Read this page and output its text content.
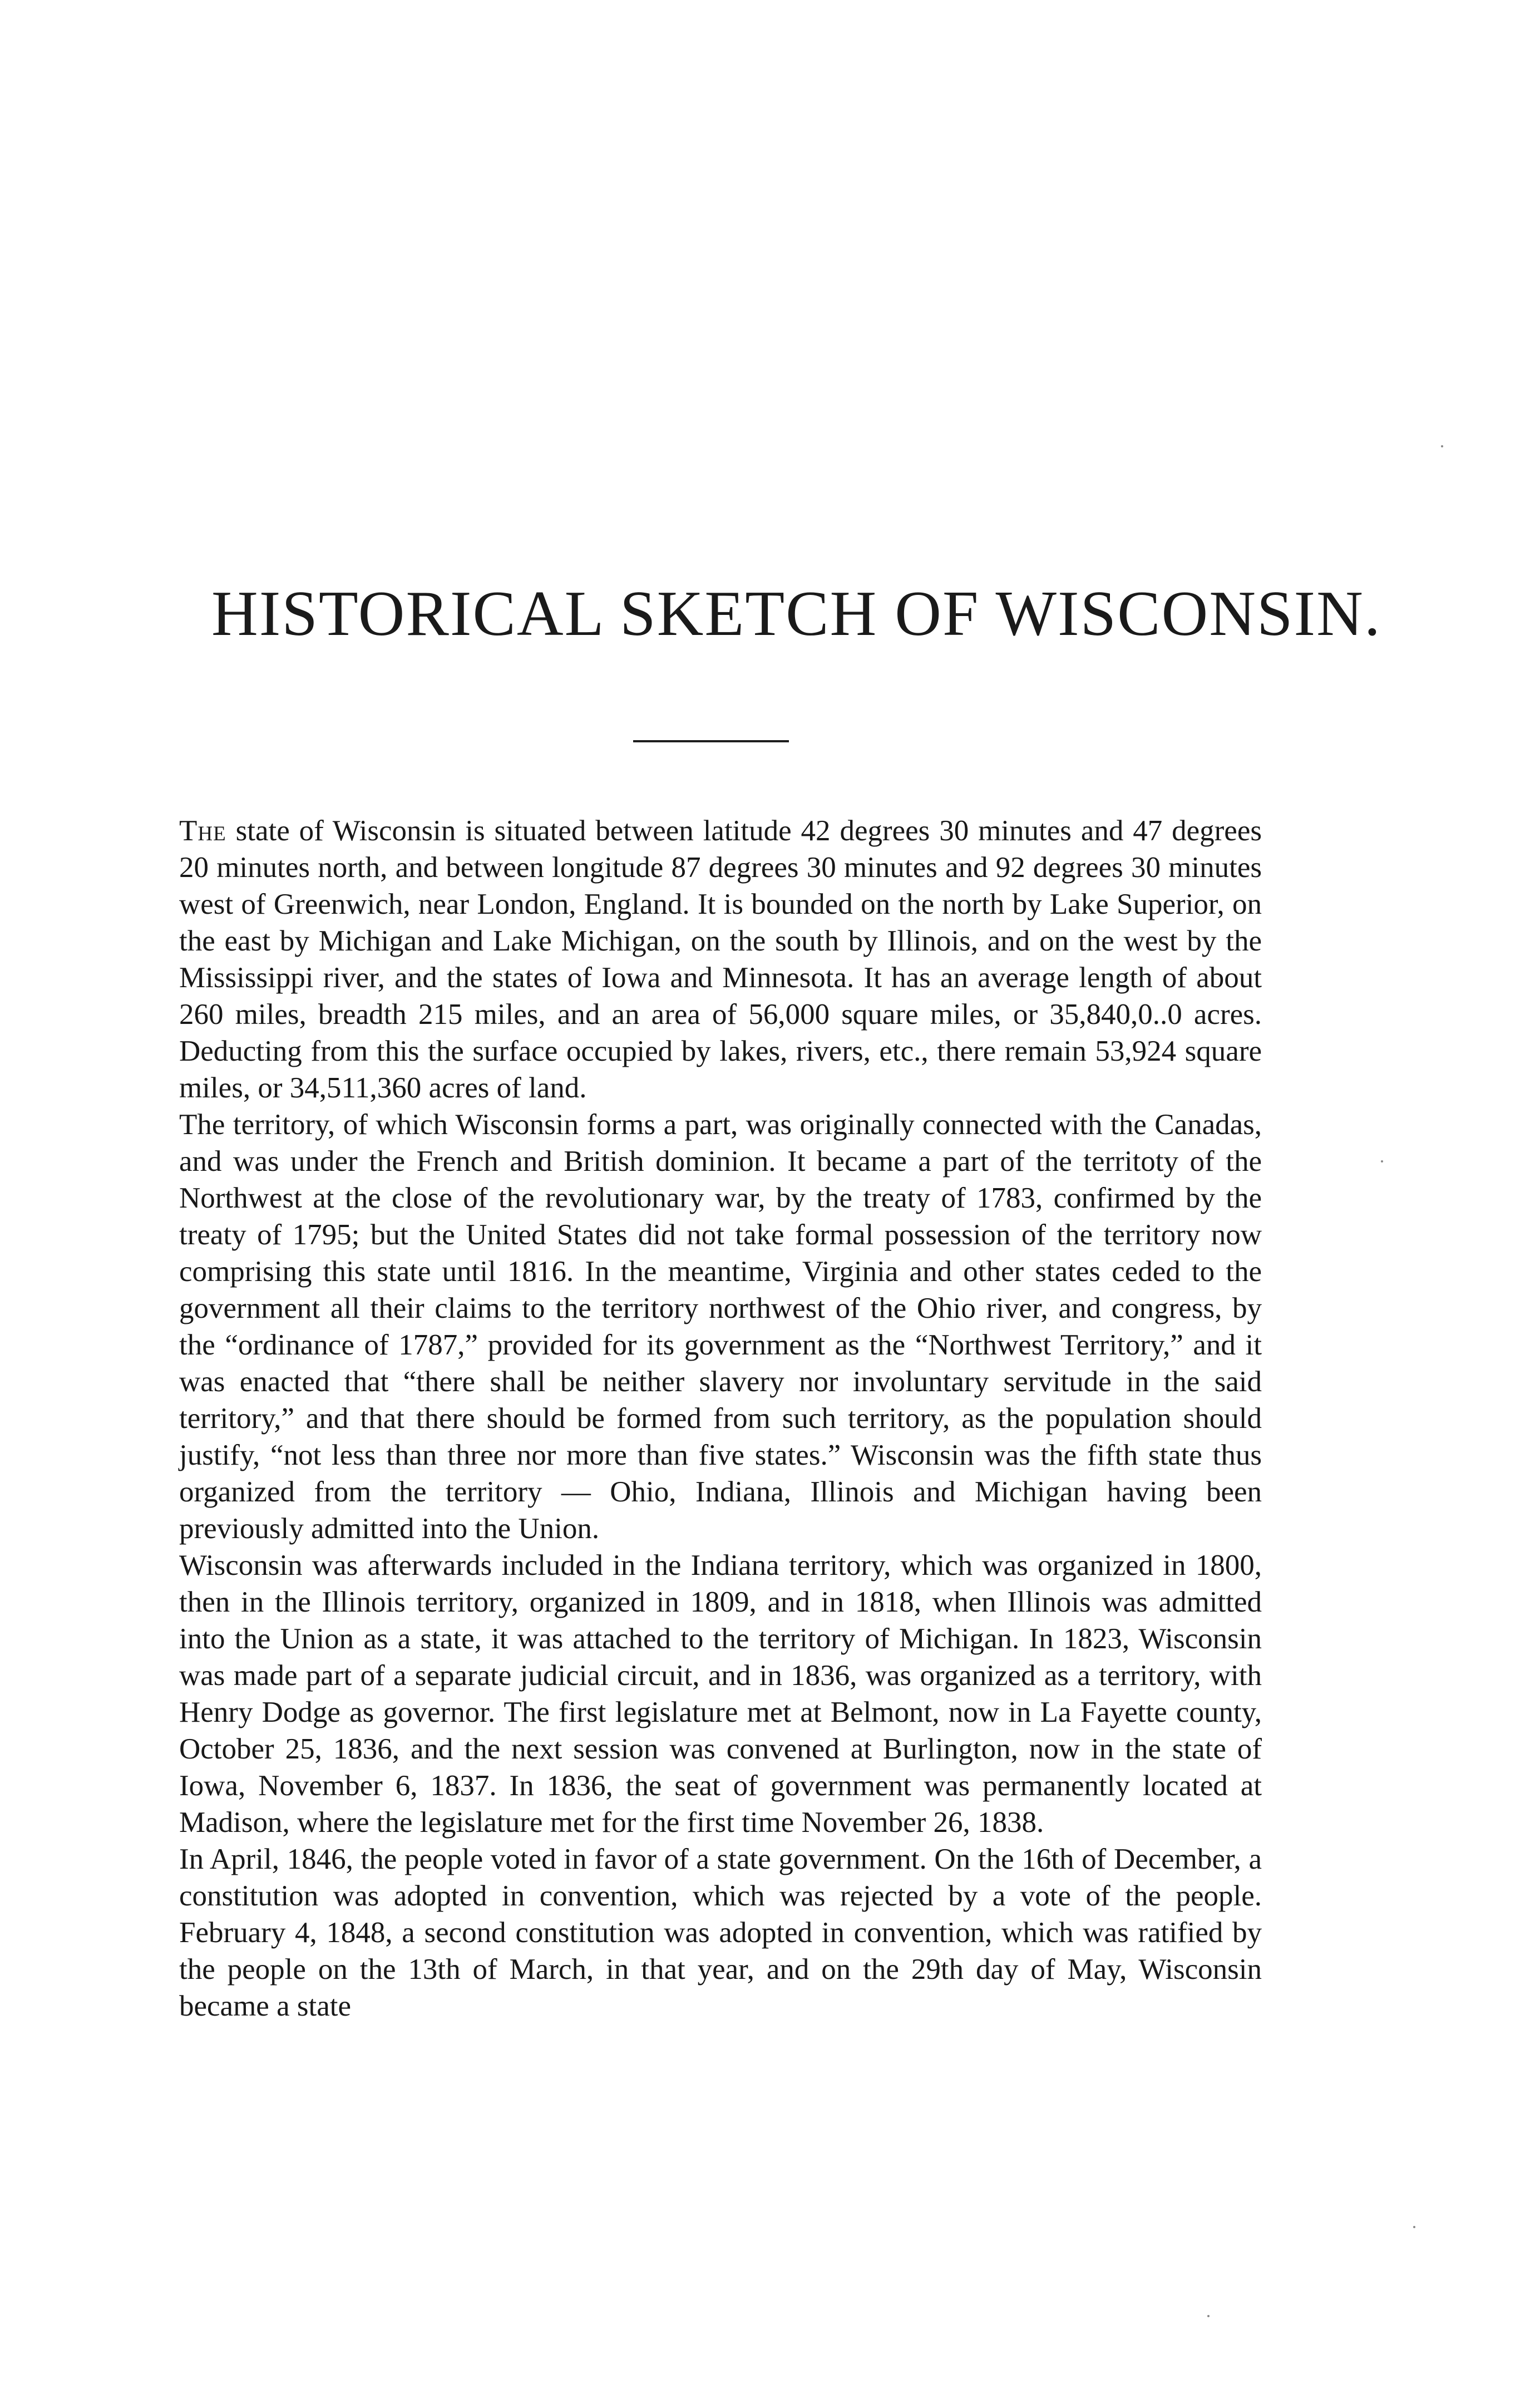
HISTORICAL SKETCH OF WISCONSIN.

The state of Wisconsin is situated between latitude 42 degrees 30 minutes and 47 degrees 20 minutes north, and between longitude 87 degrees 30 minutes and 92 degrees 30 minutes west of Greenwich, near London, England. It is bounded on the north by Lake Superior, on the east by Michigan and Lake Michigan, on the south by Illinois, and on the west by the Mississippi river, and the states of Iowa and Minnesota. It has an average length of about 260 miles, breadth 215 miles, and an area of 56,000 square miles, or 35,840,0..0 acres. Deducting from this the surface occupied by lakes, rivers, etc., there remain 53,924 square miles, or 34,511,360 acres of land.

The territory, of which Wisconsin forms a part, was originally connected with the Canadas, and was under the French and British dominion. It became a part of the territoty of the Northwest at the close of the revolutionary war, by the treaty of 1783, confirmed by the treaty of 1795; but the United States did not take formal possession of the territory now comprising this state until 1816. In the meantime, Virginia and other states ceded to the government all their claims to the territory northwest of the Ohio river, and congress, by the “ordinance of 1787,” provided for its government as the “Northwest Territory,” and it was enacted that “there shall be neither slavery nor involuntary servitude in the said territory,” and that there should be formed from such territory, as the population should justify, “not less than three nor more than five states.” Wisconsin was the fifth state thus organized from the territory — Ohio, Indiana, Illinois and Michigan having been previously admitted into the Union.

Wisconsin was afterwards included in the Indiana territory, which was organized in 1800, then in the Illinois territory, organized in 1809, and in 1818, when Illinois was admitted into the Union as a state, it was attached to the territory of Michigan. In 1823, Wisconsin was made part of a separate judicial circuit, and in 1836, was organized as a territory, with Henry Dodge as governor. The first legislature met at Belmont, now in La Fayette county, October 25, 1836, and the next session was convened at Burlington, now in the state of Iowa, November 6, 1837. In 1836, the seat of government was permanently located at Madison, where the legislature met for the first time November 26, 1838.

In April, 1846, the people voted in favor of a state government. On the 16th of December, a constitution was adopted in convention, which was rejected by a vote of the people. February 4, 1848, a second constitution was adopted in convention, which was ratified by the people on the 13th of March, in that year, and on the 29th day of May, Wisconsin became a state
